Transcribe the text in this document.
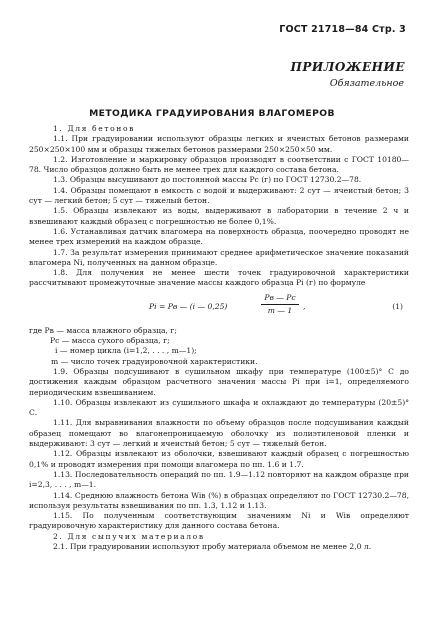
ГОСТ 21718—84 Стр. 3
ПРИЛОЖЕНИЕ
Обязательное
МЕТОДИКА ГРАДУИРОВАНИЯ ВЛАГОМЕРОВ

1. Для бетонов

1.1. При градуировании используют образцы легких и ячеистых бетонов размерами 250×250×100 мм и образцы тяжелых бетонов размерами 250×250×50 мм.

1.2. Изготовление и маркировку образцов производят в соответствии с ГОСТ 10180—78. Число образцов должно быть не менее трех для каждого состава бетона.

1.3. Образцы высушивают до постоянной массы Pc (г) по ГОСТ 12730.2—78.

1.4. Образцы помещают в емкость с водой и выдерживают: 2 сут — ячеистый бетон; 3 сут — легкий бетон; 5 сут — тяжелый бетон.

1.5. Образцы извлекают из воды, выдерживают в лаборатории в течение 2 ч и взвешивают каждый образец с погрешностью не более 0,1%.

1.6. Устанавливая датчик влагомера на поверхность образца, поочередно проводят не менее трех измерений на каждом образце.

1.7. За результат измерения принимают среднее арифметическое значение показаний влагомера Ni, полученных на данном образце.

1.8. Для получения не менее шести точек градуировочной характеристики рассчитывают промежуточные значение массы каждого образца Pi (г) по формуле

Pi = Pв — (i — 0,25)
Pв — Pc
m — 1	,	(1)
где Pв — масса влажного образца, г;
Pc — масса сухого образца, г;
i — номер цикла (i=1,2, . . . , m—1);
m — число точек градуировочной характеристики.

1.9. Образцы подсушивают в сушильном шкафу при температуре (100±5)° С до достижения каждым образцом расчетного значения массы Pi при i=1, определяемого периодическим взвешиванием.

1.10. Образцы извлекают из сушильного шкафа и охлаждают до температуры (20±5)° С.

1.11. Для выравнивания влажности по объему образцов после подсушивания каждый образец помещают во влагонепроницаемую оболочку из полиэтиленовой пленки и выдерживают: 3 сут — легкий и ячеистый бетон; 5 сут — тяжелый бетон.

1.12. Образцы извлекают из оболочки, взвешивают каждый образец с погрешностью 0,1% и проводят измерения при помощи влагомера по пп. 1.6 и 1.7.

1.13. Последовательность операций по пп. 1.9—1.12 повторяют на каждом образце при i=2,3, . . . , m—1.

1.14. Среднюю влажность бетона Wiв (%) в образцах определяют по ГОСТ 12730.2—78, используя результаты взвешивания по пп. 1.3, 1.12 и 1.13.

1.15. По полученным соответствующим значениям Ni и Wiв определяют градуировочную характеристику для данного состава бетона.

2. Для сыпучих материалов

2.1. При градуировании используют пробу материала объемом не менее 2,0 л.
